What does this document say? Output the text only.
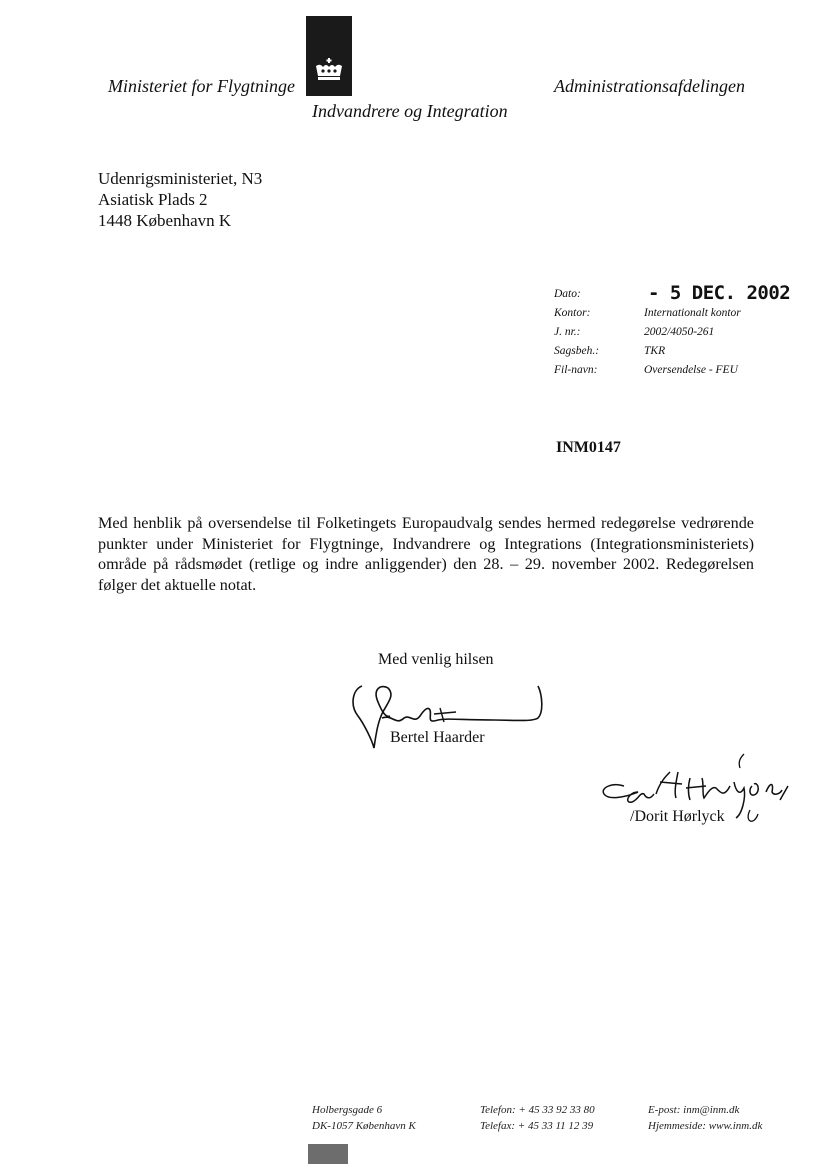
Ministeriet for Flygtninge
Indvandrere og Integration
Administrationsafdelingen
Udenrigsministeriet, N3
Asiatisk Plads 2
1448 København K
Dato:	- 5 DEC. 2002
Kontor:	Internationalt kontor
J. nr.:	2002/4050-261
Sagsbeh.:	TKR
Fil-navn:	Oversendelse - FEU
INM0147
Med henblik på oversendelse til Folketingets Europaudvalg sendes hermed redegørelse vedrørende punkter under Ministeriet for Flygtninge, Indvandrere og Integrations (Integrationsministeriets) område på rådsmødet (retlige og indre anliggender) den 28. – 29. november 2002. Redegørelsen følger det aktuelle notat.
Med venlig hilsen
Bertel Haarder
/Dorit Hørlyck
Holbergsgade 6
DK-1057 København K
Telefon: + 45 33 92 33 80
Telefax: + 45 33 11 12 39
E-post: inm@inm.dk
Hjemmeside: www.inm.dk
